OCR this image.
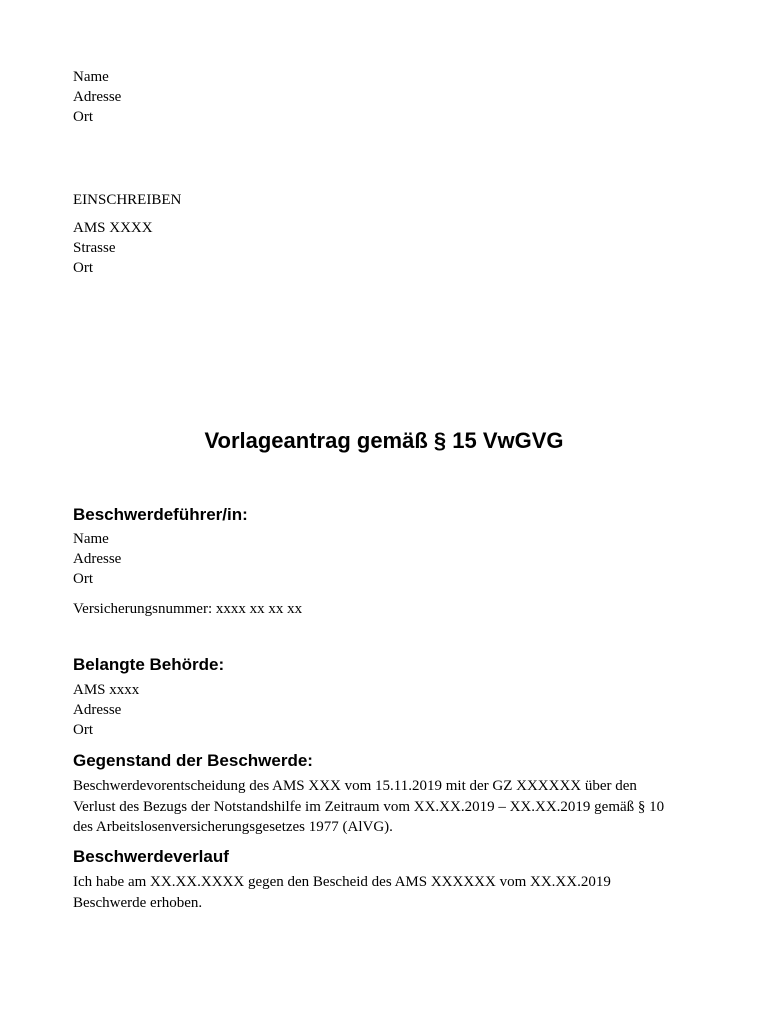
Name
Adresse
Ort
EINSCHREIBEN
AMS XXXX
Strasse
Ort
Vorlageantrag gemäß § 15 VwGVG
Beschwerdeführer/in:
Name
Adresse
Ort
Versicherungsnummer: xxxx xx xx xx
Belangte Behörde:
AMS xxxx
Adresse
Ort
Gegenstand der Beschwerde:
Beschwerdevorentscheidung des AMS XXX vom 15.11.2019 mit der GZ XXXXXX über den
Verlust des Bezugs der Notstandshilfe im Zeitraum vom XX.XX.2019 – XX.XX.2019 gemäß § 10
des Arbeitslosenversicherungsgesetzes 1977 (AlVG).
Beschwerdeverlauf
Ich habe am XX.XX.XXXX gegen den Bescheid des AMS XXXXXX vom XX.XX.2019
Beschwerde erhoben.
